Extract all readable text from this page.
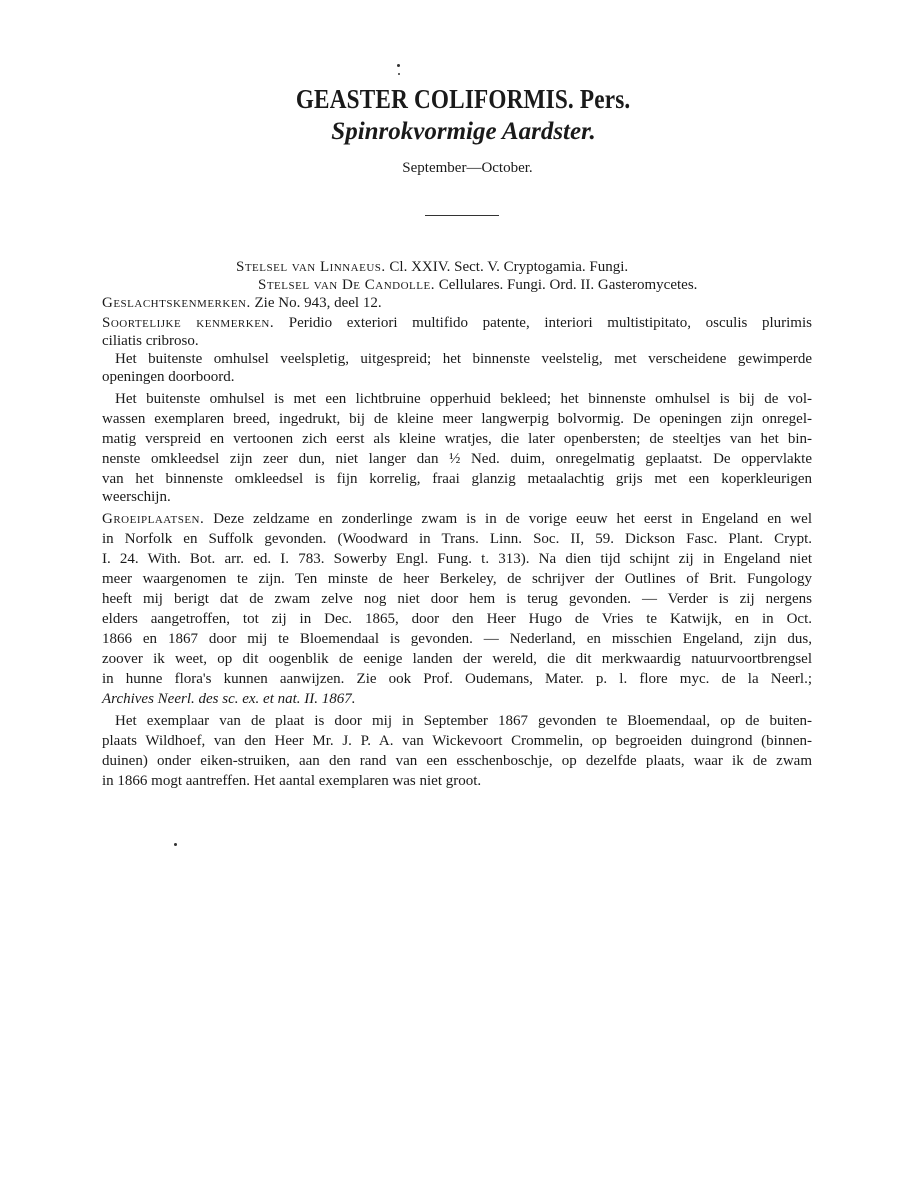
GEASTER COLIFORMIS. Pers.
Spinrokvormige Aardster.
September—October.
Stelsel van Linnaeus. Cl. XXIV. Sect. V. Cryptogamia. Fungi.
Stelsel van De Candolle. Cellulares. Fungi. Ord. II. Gasteromycetes.
Geslachtskenmerken. Zie No. 943, deel 12.
Soortelijke kenmerken. Peridio exteriori multifido patente, interiori multistipitato, osculis plurimis
ciliatis cribroso.
Het buitenste omhulsel veelspletig, uitgespreid; het binnenste veelstelig, met verscheidene gewimperde
openingen doorboord.
Het buitenste omhulsel is met een lichtbruine opperhuid bekleed; het binnenste omhulsel is bij de vol-
wassen exemplaren breed, ingedrukt, bij de kleine meer langwerpig bolvormig. De openingen zijn onregel-
matig verspreid en vertoonen zich eerst als kleine wratjes, die later openbersten; de steeltjes van het bin-
nenste omkleedsel zijn zeer dun, niet langer dan ½ Ned. duim, onregelmatig geplaatst. De oppervlakte
van het binnenste omkleedsel is fijn korrelig, fraai glanzig metaalachtig grijs met een koperkleurigen
weerschijn.
Groeiplaatsen. Deze zeldzame en zonderlinge zwam is in de vorige eeuw het eerst in Engeland en wel
in Norfolk en Suffolk gevonden. (Woodward in Trans. Linn. Soc. II, 59. Dickson Fasc. Plant. Crypt.
I. 24. With. Bot. arr. ed. I. 783. Sowerby Engl. Fung. t. 313). Na dien tijd schijnt zij in Engeland niet
meer waargenomen te zijn. Ten minste de heer Berkeley, de schrijver der Outlines of Brit. Fungology
heeft mij berigt dat de zwam zelve nog niet door hem is terug gevonden. — Verder is zij nergens
elders aangetroffen, tot zij in Dec. 1865, door den Heer Hugo de Vries te Katwijk, en in Oct.
1866 en 1867 door mij te Bloemendaal is gevonden. — Nederland, en misschien Engeland, zijn dus,
zoover ik weet, op dit oogenblik de eenige landen der wereld, die dit merkwaardig natuurvoortbrengsel
in hunne flora's kunnen aanwijzen. Zie ook Prof. Oudemans, Mater. p. l. flore myc. de la Neerl.;
Archives Neerl. des sc. ex. et nat. II. 1867.
Het exemplaar van de plaat is door mij in September 1867 gevonden te Bloemendaal, op de buiten-
plaats Wildhoef, van den Heer Mr. J. P. A. van Wickevoort Crommelin, op begroeiden duingrond (binnen-
duinen) onder eiken-struiken, aan den rand van een esschenboschje, op dezelfde plaats, waar ik de zwam
in 1866 mogt aantreffen. Het aantal exemplaren was niet groot.
